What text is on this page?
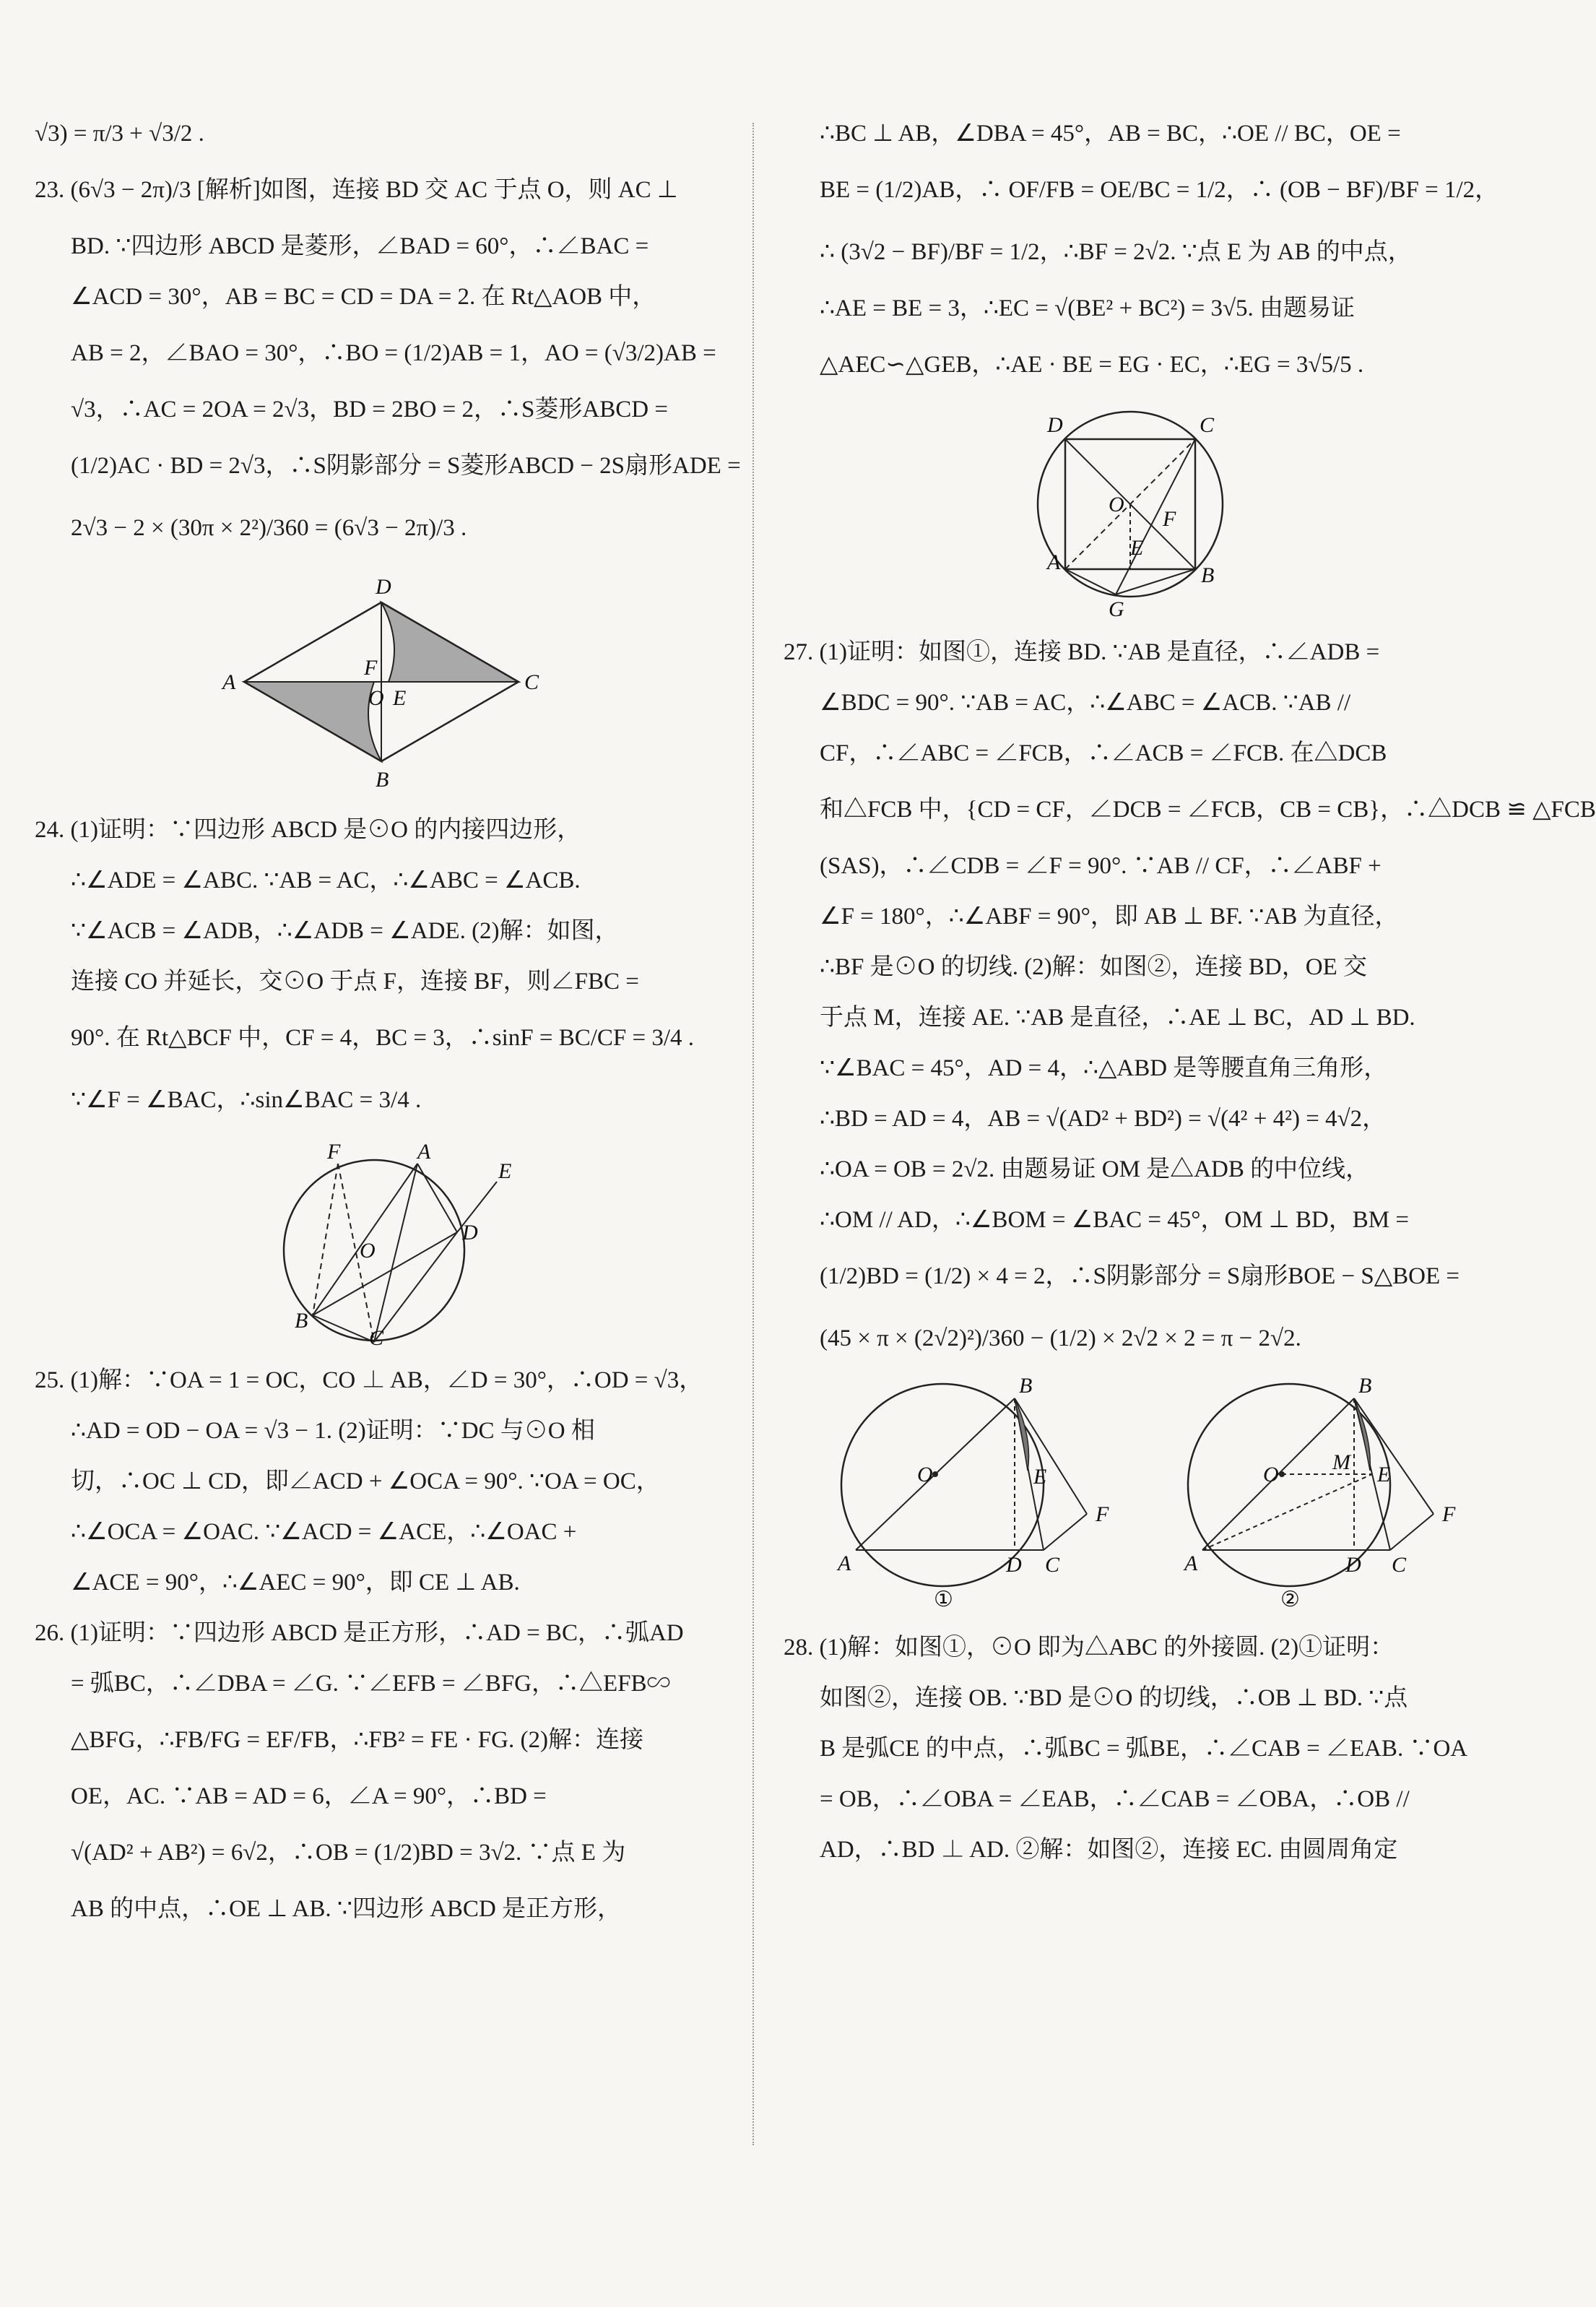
√3) = π/3 + √3/2 .
23. (6√3 − 2π)/3 [解析]如图，连接 BD 交 AC 于点 O，则 AC ⊥
BD. ∵四边形 ABCD 是菱形，∠BAD = 60°，∴∠BAC =
∠ACD = 30°，AB = BC = CD = DA = 2. 在 Rt△AOB 中，
AB = 2，∠BAO = 30°，∴BO = (1/2)AB = 1，AO = (√3/2)AB =
√3，∴AC = 2OA = 2√3，BD = 2BO = 2，∴S菱形ABCD =
(1/2)AC · BD = 2√3，∴S阴影部分 = S菱形ABCD − 2S扇形ADE =
2√3 − 2 × (30π × 2²)/360 = (6√3 − 2π)/3 .
A
B
C
D
O E
F
24. (1)证明：∵四边形 ABCD 是⊙O 的内接四边形，
∴∠ADE = ∠ABC. ∵AB = AC，∴∠ABC = ∠ACB.
∵∠ACB = ∠ADB，∴∠ADB = ∠ADE. (2)解：如图，
连接 CO 并延长，交⊙O 于点 F，连接 BF，则∠FBC =
90°. 在 Rt△BCF 中，CF = 4，BC = 3，∴sinF = BC/CF = 3/4 .
∵∠F = ∠BAC，∴sin∠BAC = 3/4 .
A
B
C
D
E
F
O
25. (1)解：∵OA = 1 = OC，CO ⊥ AB，∠D = 30°，∴OD = √3，
∴AD = OD − OA = √3 − 1. (2)证明：∵DC 与⊙O 相
切，∴OC ⊥ CD，即∠ACD + ∠OCA = 90°. ∵OA = OC，
∴∠OCA = ∠OAC. ∵∠ACD = ∠ACE，∴∠OAC +
∠ACE = 90°，∴∠AEC = 90°，即 CE ⊥ AB.
26. (1)证明：∵四边形 ABCD 是正方形，∴AD = BC，∴弧AD
= 弧BC，∴∠DBA = ∠G. ∵∠EFB = ∠BFG，∴△EFB∽
△BFG，∴FB/FG = EF/FB，∴FB² = FE · FG. (2)解：连接
OE，AC. ∵AB = AD = 6，∠A = 90°，∴BD =
√(AD² + AB²) = 6√2，∴OB = (1/2)BD = 3√2. ∵点 E 为
AB 的中点，∴OE ⊥ AB. ∵四边形 ABCD 是正方形，
∴BC ⊥ AB，∠DBA = 45°，AB = BC，∴OE // BC，OE =
BE = (1/2)AB，∴ OF/FB = OE/BC = 1/2，∴ (OB − BF)/BF = 1/2，
∴ (3√2 − BF)/BF = 1/2，∴BF = 2√2. ∵点 E 为 AB 的中点，
∴AE = BE = 3，∴EC = √(BE² + BC²) = 3√5. 由题易证
△AEC∽△GEB，∴AE · BE = EG · EC，∴EG = 3√5/5 .
A
B
C
D
O
E
F
G
27. (1)证明：如图①，连接 BD. ∵AB 是直径，∴∠ADB =
∠BDC = 90°. ∵AB = AC，∴∠ABC = ∠ACB. ∵AB //
CF，∴∠ABC = ∠FCB，∴∠ACB = ∠FCB. 在△DCB
和△FCB 中，{CD = CF，∠DCB = ∠FCB，CB = CB}，∴△DCB ≌ △FCB
(SAS)，∴∠CDB = ∠F = 90°. ∵AB // CF，∴∠ABF +
∠F = 180°，∴∠ABF = 90°，即 AB ⊥ BF. ∵AB 为直径，
∴BF 是⊙O 的切线. (2)解：如图②，连接 BD，OE 交
于点 M，连接 AE. ∵AB 是直径，∴AE ⊥ BC，AD ⊥ BD.
∵∠BAC = 45°，AD = 4，∴△ABD 是等腰直角三角形，
∴BD = AD = 4，AB = √(AD² + BD²) = √(4² + 4²) = 4√2，
∴OA = OB = 2√2. 由题易证 OM 是△ADB 的中位线，
∴OM // AD，∴∠BOM = ∠BAC = 45°，OM ⊥ BD，BM =
(1/2)BD = (1/2) × 4 = 2，∴S阴影部分 = S扇形BOE − S△BOE =
(45 × π × (2√2)²)/360 − (1/2) × 2√2 × 2 = π − 2√2.
A
B
C
D
E
F
O
①
A
B
C
D
E
F
O
M
②
28. (1)解：如图①，⊙O 即为△ABC 的外接圆. (2)①证明：
如图②，连接 OB. ∵BD 是⊙O 的切线，∴OB ⊥ BD. ∵点
B 是弧CE 的中点，∴弧BC = 弧BE，∴∠CAB = ∠EAB. ∵OA
= OB，∴∠OBA = ∠EAB，∴∠CAB = ∠OBA，∴OB //
AD，∴BD ⊥ AD. ②解：如图②，连接 EC. 由圆周角定
